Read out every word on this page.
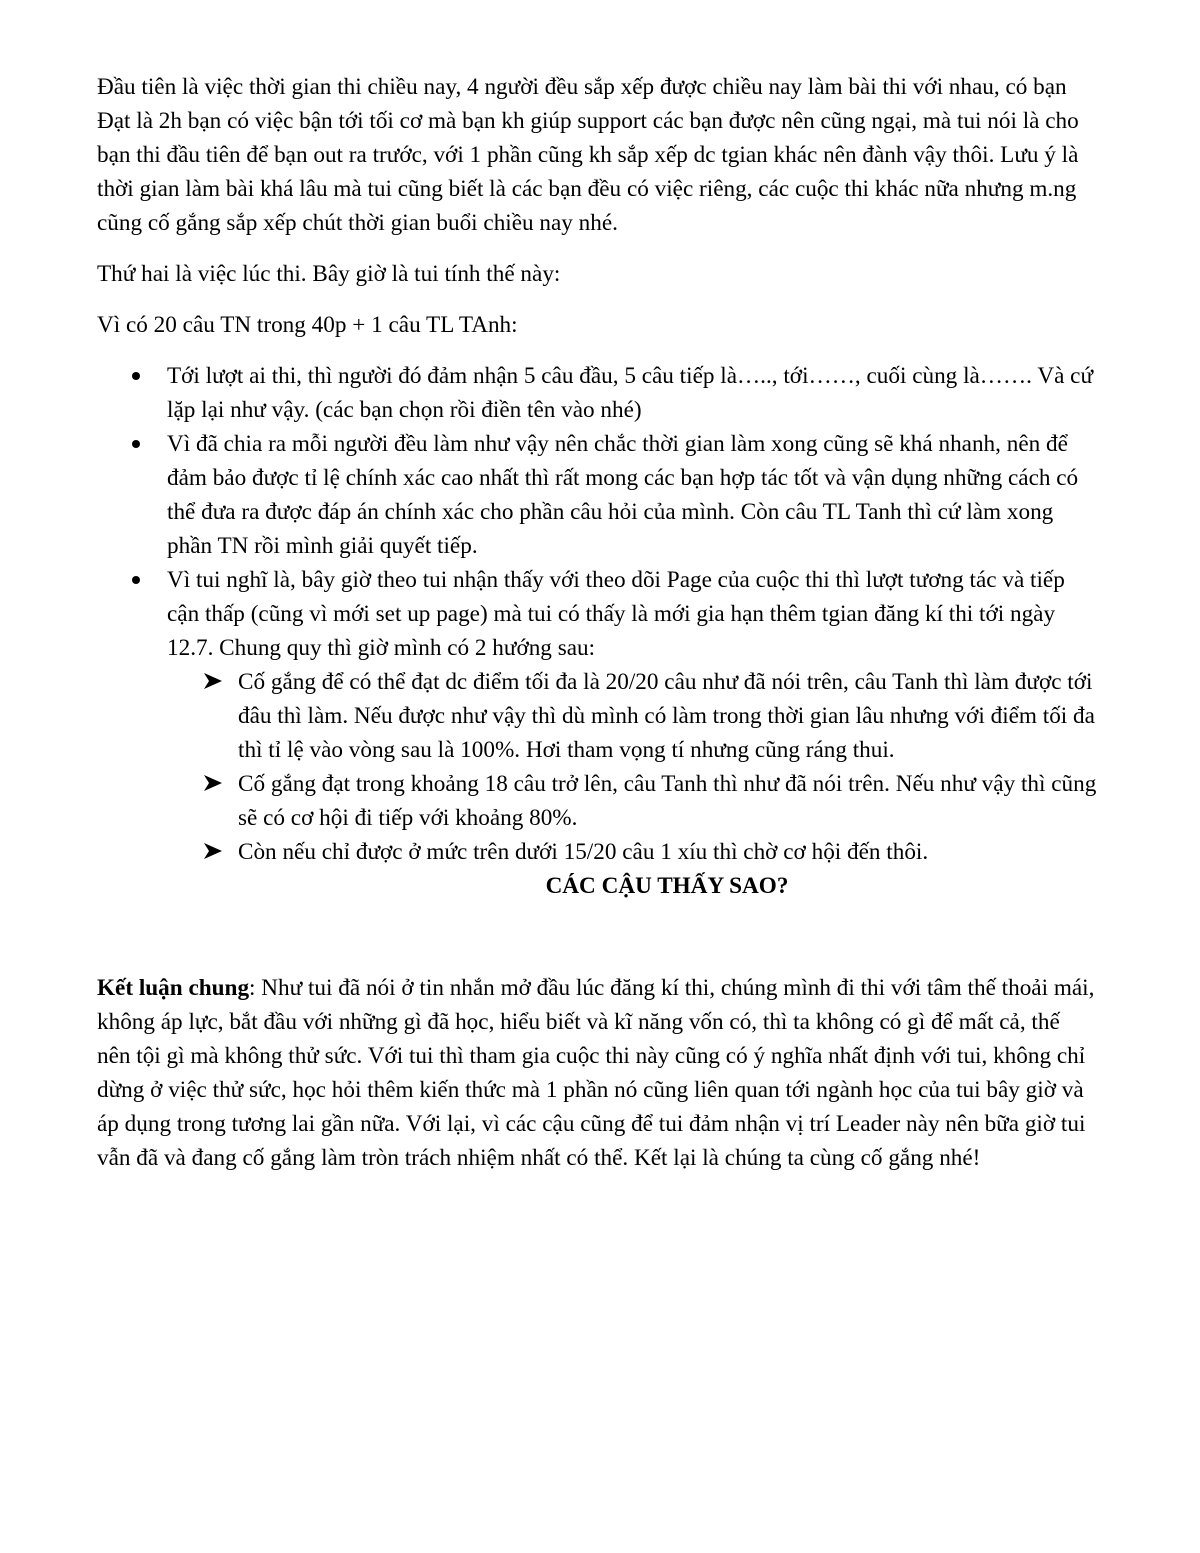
Đầu tiên là việc thời gian thi chiều nay, 4 người đều sắp xếp được chiều nay làm bài thi với nhau, có bạn Đạt là 2h bạn có việc bận tới tối cơ mà bạn kh giúp support các bạn được nên cũng ngại, mà tui nói là cho bạn thi đầu tiên để bạn out ra trước, với 1 phần cũng kh sắp xếp dc tgian khác nên đành vậy thôi. Lưu ý là thời gian làm bài khá lâu mà tui cũng biết là các bạn đều có việc riêng, các cuộc thi khác nữa nhưng m.ng cũng cố gắng sắp xếp chút thời gian buổi chiều nay nhé.

Thứ hai là việc lúc thi. Bây giờ là tui tính thế này:

Vì có 20 câu TN trong 40p + 1 câu TL TAnh:

Tới lượt ai thi, thì người đó đảm nhận 5 câu đầu, 5 câu tiếp là….., tới……, cuối cùng là……. Và cứ lặp lại như vậy. (các bạn chọn rồi điền tên vào nhé)
Vì đã chia ra mỗi người đều làm như vậy nên chắc thời gian làm xong cũng sẽ khá nhanh, nên để đảm bảo được tỉ lệ chính xác cao nhất thì rất mong các bạn hợp tác tốt và vận dụng những cách có thể đưa ra được đáp án chính xác cho phần câu hỏi của mình. Còn câu TL Tanh thì cứ làm xong phần TN rồi mình giải quyết tiếp.
Vì tui nghĩ là, bây giờ theo tui nhận thấy với theo dõi Page của cuộc thi thì lượt tương tác và tiếp cận thấp (cũng vì mới set up page) mà tui có thấy là mới gia hạn thêm tgian đăng kí thi tới ngày 12.7. Chung quy thì giờ mình có 2 hướng sau:
Cố gắng để có thể đạt dc điểm tối đa là 20/20 câu như đã nói trên, câu Tanh thì làm được tới đâu thì làm. Nếu được như vậy thì dù mình có làm trong thời gian lâu nhưng với điểm tối đa thì tỉ lệ vào vòng sau là 100%. Hơi tham vọng tí nhưng cũng ráng thui.
Cố gắng đạt trong khoảng 18 câu trở lên, câu Tanh thì như đã nói trên. Nếu như vậy thì cũng sẽ có cơ hội đi tiếp với khoảng 80%.
Còn nếu chỉ được ở mức trên dưới 15/20 câu 1 xíu thì chờ cơ hội đến thôi.

CÁC CẬU THẤY SAO?

Kết luận chung: Như tui đã nói ở tin nhắn mở đầu lúc đăng kí thi, chúng mình đi thi với tâm thế thoải mái, không áp lực, bắt đầu với những gì đã học, hiểu biết và kĩ năng vốn có, thì ta không có gì để mất cả, thế nên tội gì mà không thử sức. Với tui thì tham gia cuộc thi này cũng có ý nghĩa nhất định với tui, không chỉ dừng ở việc thử sức, học hỏi thêm kiến thức mà 1 phần nó cũng liên quan tới ngành học của tui bây giờ và áp dụng trong tương lai gần nữa. Với lại, vì các cậu cũng để tui đảm nhận vị trí Leader này nên bữa giờ tui vẫn đã và đang cố gắng làm tròn trách nhiệm nhất có thể. Kết lại là chúng ta cùng cố gắng nhé!
